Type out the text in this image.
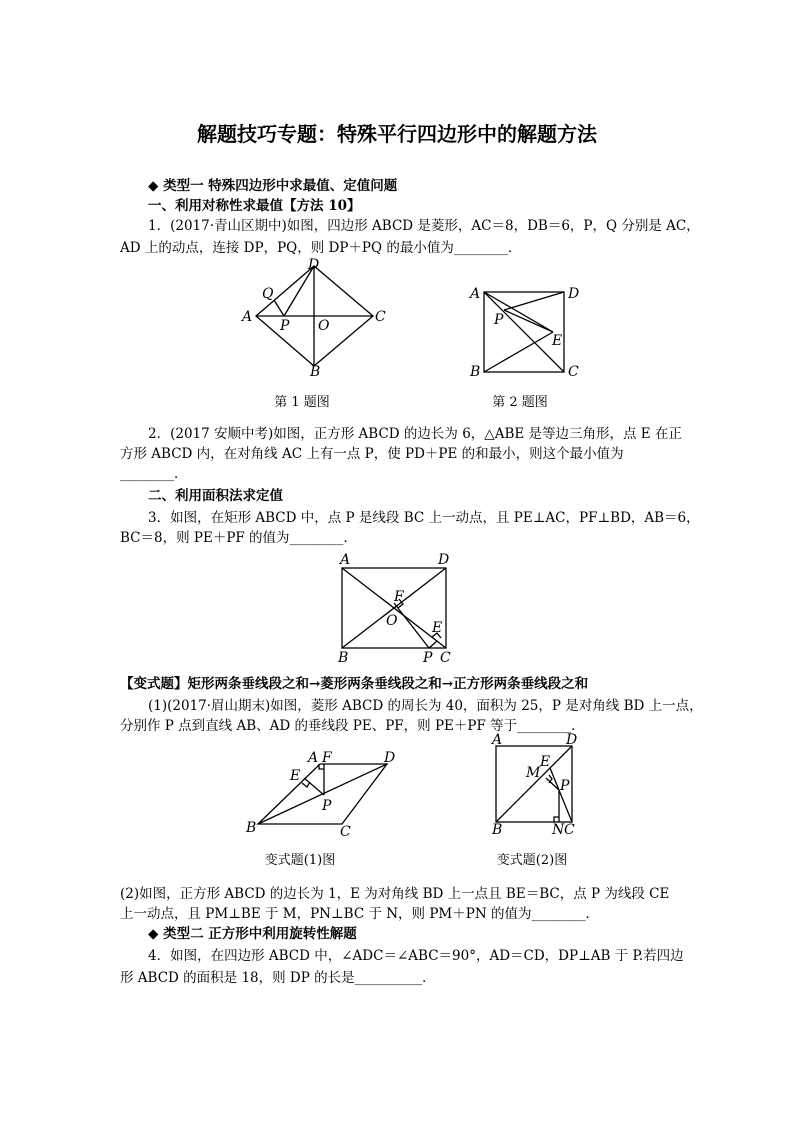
解题技巧专题：特殊平行四边形中的解题方法
◆ 类型一 特殊四边形中求最值、定值问题
一、利用对称性求最值【方法 10】
1．(2017·青山区期中)如图，四边形 ABCD 是菱形，AC＝8，DB＝6，P，Q 分别是 AC，
AD 上的动点，连接 DP，PQ，则 DP＋PQ 的最小值为________．
D
Q
A
P O
C
B
A	D
P
E
B	C
第 1 题图	第 2 题图
2．(2017 安顺中考)如图，正方形 ABCD 的边长为 6，△ABE 是等边三角形，点 E 在正
方形 ABCD 内，在对角线 AC 上有一点 P，使 PD＋PE 的和最小，则这个最小值为
________．
二、利用面积法求定值
3．如图，在矩形 ABCD 中，点 P 是线段 BC 上一动点，且 PE⊥AC，PF⊥BD，AB＝6，
BC＝8，则 PE＋PF 的值为________．
A	D
F
O E
B	P C
【变式题】矩形两条垂线段之和→菱形两条垂线段之和→正方形两条垂线段之和
(1)(2017·眉山期末)如图，菱形 ABCD 的周长为 40，面积为 25，P 是对角线 BD 上一点，
分别作 P 点到直线 AB、AD 的垂线段 PE、PF，则 PE＋PF 等于________．
A F	D
E
P
B	C
A	D
E
M
P
B	N C
变式题(1)图	变式题(2)图
(2)如图，正方形 ABCD 的边长为 1，E 为对角线 BD 上一点且 BE＝BC，点 P 为线段 CE
上一动点，且 PM⊥BE 于 M，PN⊥BC 于 N，则 PM＋PN 的值为________．
◆ 类型二 正方形中利用旋转性解题
4．如图，在四边形 ABCD 中，∠ADC＝∠ABC＝90°，AD＝CD，DP⊥AB 于 P.若四边
形 ABCD 的面积是 18，则 DP 的长是__________．
